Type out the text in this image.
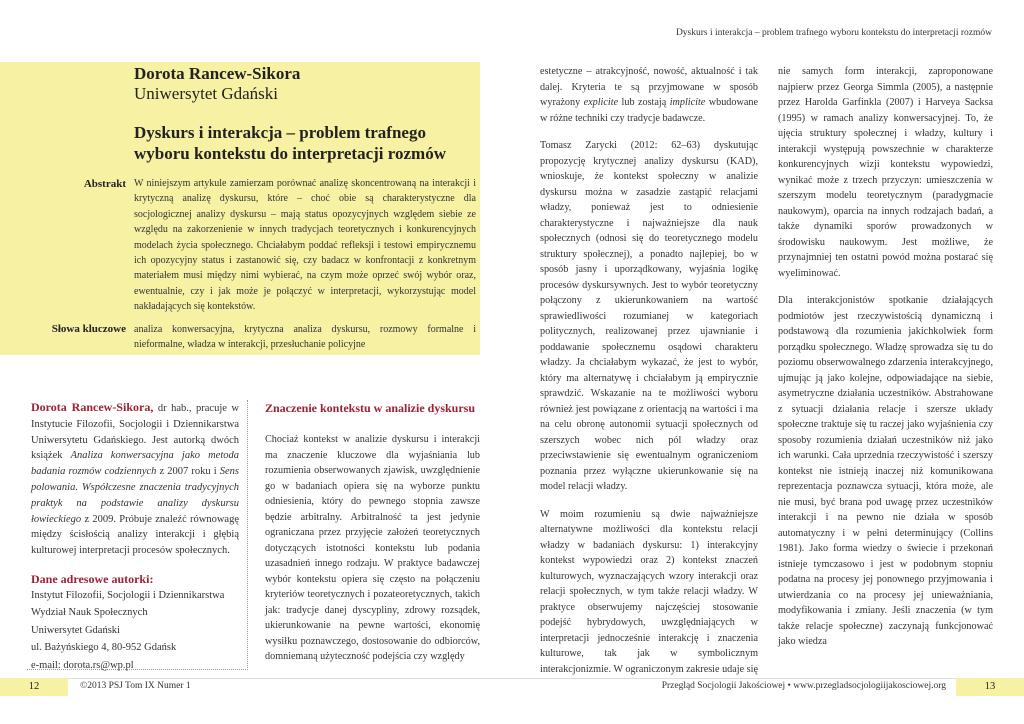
Dyskurs i interakcja – problem trafnego wyboru kontekstu do interpretacji rozmów
Dorota Rancew-Sikora
Uniwersytet Gdański
Dyskurs i interakcja – problem trafnego wyboru kontekstu do interpretacji rozmów
Abstrakt W niniejszym artykule zamierzam porównać analizę skoncentrowaną na interakcji i krytyczną analizę dyskursu, które – choć obie są charakterystyczne dla socjologicznej analizy dyskursu – mają status opozycyjnych względem siebie ze względu na zakorzenienie w innych tradycjach teoretycznych i konkurencyjnych modelach życia społecznego. Chciałabym poddać refleksji i testowi empirycznemu ich opozycyjny status i zastanowić się, czy badacz w konfrontacji z konkretnym materiałem musi między nimi wybierać, na czym może oprzeć swój wybór oraz, ewentualnie, czy i jak może je połączyć w interpretacji, wykorzystując model nakładających się kontekstów.
Słowa kluczowe analiza konwersacyjna, krytyczna analiza dyskursu, rozmowy formalne i nieformalne, władza w interakcji, przesłuchanie policyjne
Dorota Rancew-Sikora, dr hab., pracuje w Instytucie Filozofii, Socjologii i Dziennikarstwa Uniwersytetu Gdańskiego. Jest autorką dwóch książek Analiza konwersacyjna jako metoda badania rozmów codziennych z 2007 roku i Sens polowania. Współczesne znaczenia tradycyjnych praktyk na podstawie analizy dyskursu łowieckiego z 2009. Próbuje znaleźć równowagę między ścisłością analizy interakcji i głębią kulturowej interpretacji procesów społecznych.
Dane adresowe autorki:
Instytut Filozofii, Socjologii i Dziennikarstwa
Wydział Nauk Społecznych
Uniwersytet Gdański
ul. Bażyńskiego 4, 80-952 Gdańsk
e-mail: dorota.rs@wp.pl
Znaczenie kontekstu w analizie dyskursu

Chociaż kontekst w analizie dyskursu i interakcji ma znaczenie kluczowe dla wyjaśniania lub rozumienia obserwowanych zjawisk, uwzględnienie go w badaniach opiera się na wyborze punktu odniesienia, który do pewnego stopnia zawsze będzie arbitralny. Arbitralność ta jest jedynie ograniczana przez przyjęcie założeń teoretycznych dotyczących istotności kontekstu lub podania uzasadnień innego rodzaju. W praktyce badawczej wybór kontekstu opiera się często na połączeniu kryteriów teoretycznych i pozateoretycznych, takich jak: tradycje danej dyscypliny, zdrowy rozsądek, ukierunkowanie na pewne wartości, ekonomię wysiłku poznawczego, dostosowanie do odbiorców, domniemaną użyteczność podejścia czy względy

estetyczne – atrakcyjność, nowość, aktualność i tak dalej. Kryteria te są przyjmowane w sposób wyrażony explicite lub zostają implicite wbudowane w różne techniki czy tradycje badawcze.

Tomasz Zarycki (2012: 62–63) dyskutując propozycję krytycznej analizy dyskursu (KAD), wnioskuje, że kontekst społeczny w analizie dyskursu można w zasadzie zastąpić relacjami władzy, ponieważ jest to odniesienie charakterystyczne i najważniejsze dla nauk społecznych (odnosi się do teoretycznego modelu struktury społecznej), a ponadto najlepiej, bo w sposób jasny i uporządkowany, wyjaśnia logikę procesów dyskursywnych. Jest to wybór teoretyczny połączony z ukierunkowaniem na wartość sprawiedliwości rozumianej w kategoriach politycznych, realizowanej przez ujawnianie i poddawanie społecznemu osądowi charakteru władzy. Ja chciałabym wykazać, że jest to wybór, który ma alternatywę i chciałabym ją empirycznie sprawdzić. Wskazanie na te możliwości wyboru również jest powiązane z orientacją na wartości i ma na celu obronę autonomii sytuacji społecznych od szerszych wobec nich pól władzy oraz przeciwstawienie się ewentualnym ograniczeniom poznania przez wyłączne ukierunkowanie się na model relacji władzy.

W moim rozumieniu są dwie najważniejsze alternatywne możliwości dla kontekstu relacji władzy w badaniach dyskursu: 1) interakcyjny kontekst wypowiedzi oraz 2) kontekst znaczeń kulturowych, wyznaczających wzory interakcji oraz relacji społecznych, w tym także relacji władzy. W praktyce obserwujemy najczęściej stosowanie podejść hybrydowych, uwzględniających w interpretacji jednocześnie interakcję i znaczenia kulturowe, tak jak w symbolicznym interakcjonizmie. W ograniczonym zakresie udaje się

nie samych form interakcji, zaproponowane najpierw przez Georga Simmla (2005), a następnie przez Harolda Garfinkla (2007) i Harveya Sacksa (1995) w ramach analizy konwersacyjnej. To, że ujęcia struktury społecznej i władzy, kultury i interakcji występują powszechnie w charakterze konkurencyjnych wizji kontekstu wypowiedzi, wynikać może z trzech przyczyn: umieszczenia w szerszym modelu teoretycznym (paradygmacie naukowym), oparcia na innych rodzajach badań, a także dynamiki sporów prowadzonych w środowisku naukowym. Jest możliwe, że przynajmniej ten ostatni powód można postarać się wyeliminować.

Dla interakcjonistów spotkanie działających podmiotów jest rzeczywistością dynamiczną i podstawową dla rozumienia jakichkolwiek form porządku społecznego. Władzę sprowadza się tu do poziomu obserwowalnego zdarzenia interakcyjnego, ujmując ją jako kolejne, odpowiadające na siebie, asymetryczne działania uczestników. Abstrahowane z sytuacji działania relacje i szersze układy społeczne traktuje się tu raczej jako wyjaśnienia czy sposoby rozumienia działań uczestników niż jako ich warunki. Cała uprzednia rzeczywistość i szerszy kontekst nie istnieją inaczej niż komunikowana reprezentacja poznawcza sytuacji, która może, ale nie musi, być brana pod uwagę przez uczestników interakcji i na pewno nie działa w sposób automatyczny i w pełni determinujący (Collins 1981). Jako forma wiedzy o świecie i przekonań istnieje tymczasowo i jest w podobnym stopniu podatna na procesy jej ponownego przyjmowania i utwierdzania co na procesy jej unieważniania, modyfikowania i zmiany. Jeśli znaczenia (w tym także relacje społeczne) zaczynają funkcjonować jako wiedza

12	©2013 PSJ Tom IX Numer 1	Przegląd Socjologii Jakościowej • www.przegladsocjologiijakosciowej.org	13
